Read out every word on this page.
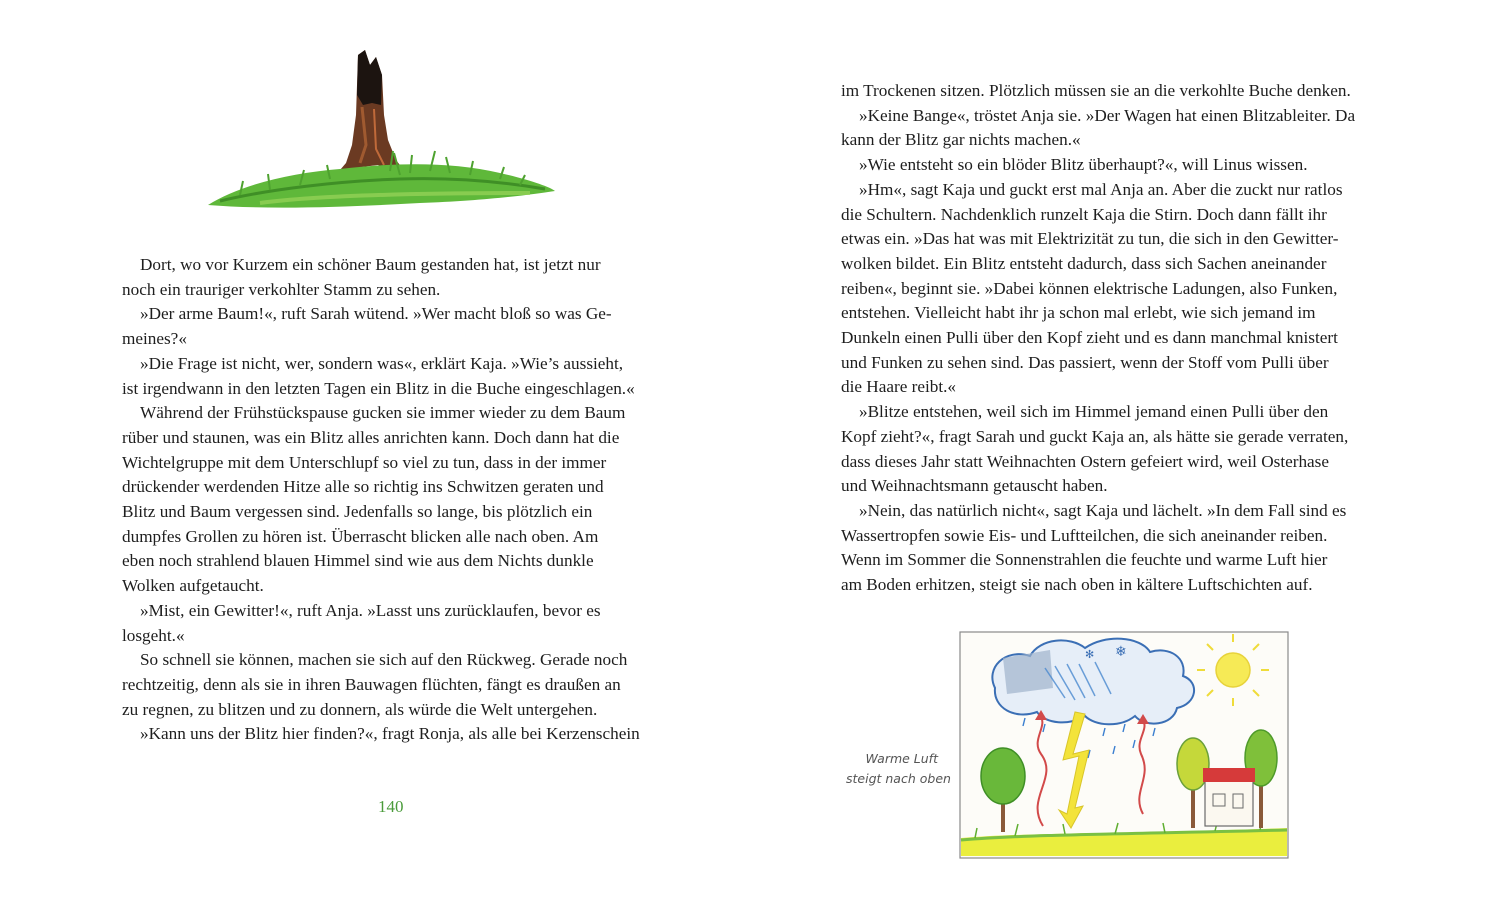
Dort, wo vor Kurzem ein schöner Baum gestanden hat, ist jetzt nur
noch ein trauriger verkohlter Stamm zu sehen.

»Der arme Baum!«, ruft Sarah wütend. »Wer macht bloß so was Ge-
meines?«

»Die Frage ist nicht, wer, sondern was«, erklärt Kaja. »Wie’s aussieht,
ist irgendwann in den letzten Tagen ein Blitz in die Buche eingeschlagen.«

Während der Frühstückspause gucken sie immer wieder zu dem Baum
rüber und staunen, was ein Blitz alles anrichten kann. Doch dann hat die
Wichtelgruppe mit dem Unterschlupf so viel zu tun, dass in der immer
drückender werdenden Hitze alle so richtig ins Schwitzen geraten und
Blitz und Baum vergessen sind. Jedenfalls so lange, bis plötzlich ein
dumpfes Grollen zu hören ist. Überrascht blicken alle nach oben. Am
eben noch strahlend blauen Himmel sind wie aus dem Nichts dunkle
Wolken aufgetaucht.

»Mist, ein Gewitter!«, ruft Anja. »Lasst uns zurücklaufen, bevor es
losgeht.«

So schnell sie können, machen sie sich auf den Rückweg. Gerade noch
rechtzeitig, denn als sie in ihren Bauwagen flüchten, fängt es draußen an
zu regnen, zu blitzen und zu donnern, als würde die Welt untergehen.

»Kann uns der Blitz hier finden?«, fragt Ronja, als alle bei Kerzenschein

140

im Trockenen sitzen. Plötzlich müssen sie an die verkohlte Buche denken.

»Keine Bange«, tröstet Anja sie. »Der Wagen hat einen Blitzableiter. Da
kann der Blitz gar nichts machen.«

»Wie entsteht so ein blöder Blitz überhaupt?«, will Linus wissen.

»Hm«, sagt Kaja und guckt erst mal Anja an. Aber die zuckt nur ratlos
die Schultern. Nachdenklich runzelt Kaja die Stirn. Doch dann fällt ihr
etwas ein. »Das hat was mit Elektrizität zu tun, die sich in den Gewitter-
wolken bildet. Ein Blitz entsteht dadurch, dass sich Sachen aneinander
reiben«, beginnt sie. »Dabei können elektrische Ladungen, also Funken,
entstehen. Vielleicht habt ihr ja schon mal erlebt, wie sich jemand im
Dunkeln einen Pulli über den Kopf zieht und es dann manchmal knistert
und Funken zu sehen sind. Das passiert, wenn der Stoff vom Pulli über
die Haare reibt.«

»Blitze entstehen, weil sich im Himmel jemand einen Pulli über den
Kopf zieht?«, fragt Sarah und guckt Kaja an, als hätte sie gerade verraten,
dass dieses Jahr statt Weihnachten Ostern gefeiert wird, weil Osterhase
und Weihnachtsmann getauscht haben.

»Nein, das natürlich nicht«, sagt Kaja und lächelt. »In dem Fall sind es
Wassertropfen sowie Eis- und Luftteilchen, die sich aneinander reiben.
Wenn im Sommer die Sonnenstrahlen die feuchte und warme Luft hier
am Boden erhitzen, steigt sie nach oben in kältere Luftschichten auf.

Warme Luft
steigt nach oben
❄
✻
